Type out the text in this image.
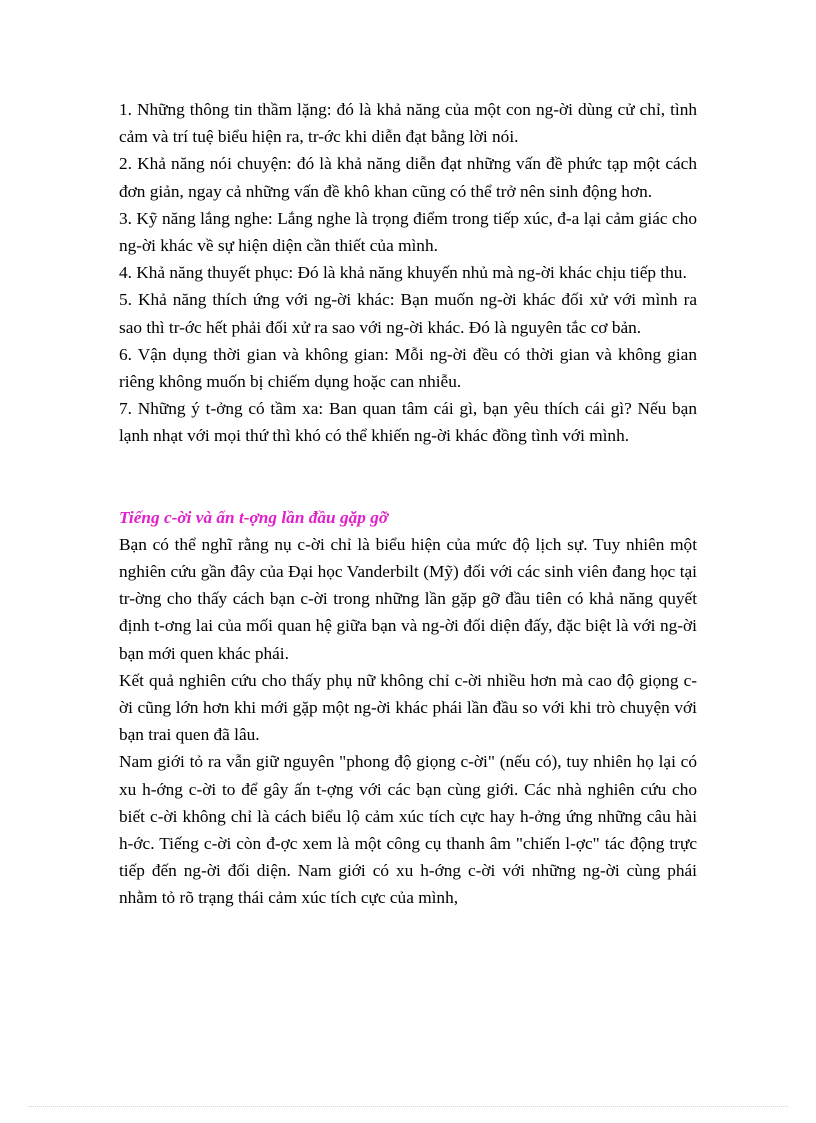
1. Những thông tin thầm lặng: đó là khả năng của một con ng-ời dùng cử chỉ, tình cảm và trí tuệ biểu hiện ra, tr-ớc khi diễn đạt bằng lời nói.

2. Khả năng nói chuyện: đó là khả năng diễn đạt những vấn đề phức tạp một cách đơn giản, ngay cả những vấn đề khô khan cũng có thể trở nên sinh động hơn.

3. Kỹ năng lắng nghe: Lắng nghe là trọng điểm trong tiếp xúc, đ-a lại cảm giác cho ng-ời khác về sự hiện diện cần thiết của mình.

4. Khả năng thuyết phục: Đó là khả năng khuyến nhủ mà ng-ời khác chịu tiếp thu.

5. Khả năng thích ứng với ng-ời khác: Bạn muốn ng-ời khác đối xử với mình ra sao thì tr-ớc hết phải đối xử ra sao với ng-ời khác. Đó là nguyên tắc cơ bản.

6. Vận dụng thời gian và không gian: Mỗi ng-ời đều có thời gian và không gian riêng không muốn bị chiếm dụng hoặc can nhiễu.

7. Những ý t-ởng có tầm xa: Ban quan tâm cái gì, bạn yêu thích cái gì? Nếu bạn lạnh nhạt với mọi thứ thì khó có thể khiến ng-ời khác đồng tình với mình.

Tiếng c-ời và ấn t-ợng lần đầu gặp gỡ

Bạn có thể nghĩ rằng nụ c-ời chỉ là biểu hiện của mức độ lịch sự. Tuy nhiên một nghiên cứu gần đây của Đại học Vanderbilt (Mỹ) đối với các sinh viên đang học tại tr-ờng cho thấy cách bạn c-ời trong những lần gặp gỡ đầu tiên có khả năng quyết định t-ơng lai của mối quan hệ giữa bạn và ng-ời đối diện đấy, đặc biệt là với ng-ời bạn mới quen khác phái.

Kết quả nghiên cứu cho thấy phụ nữ không chỉ c-ời nhiều hơn mà cao độ giọng c-ời cũng lớn hơn khi mới gặp một ng-ời khác phái lần đầu so với khi trò chuyện với bạn trai quen đã lâu.

Nam giới tỏ ra vẫn giữ nguyên "phong độ giọng c-ời" (nếu có), tuy nhiên họ lại có xu h-ớng c-ời to để gây ấn t-ợng với các bạn cùng giới. Các nhà nghiên cứu cho biết c-ời không chỉ là cách biểu lộ cảm xúc tích cực hay h-ởng ứng những câu hài h-ớc. Tiếng c-ời còn đ-ợc xem là một công cụ thanh âm "chiến l-ợc" tác động trực tiếp đến ng-ời đối diện. Nam giới có xu h-ớng c-ời với những ng-ời cùng phái nhằm tỏ rõ trạng thái cảm xúc tích cực của mình,
